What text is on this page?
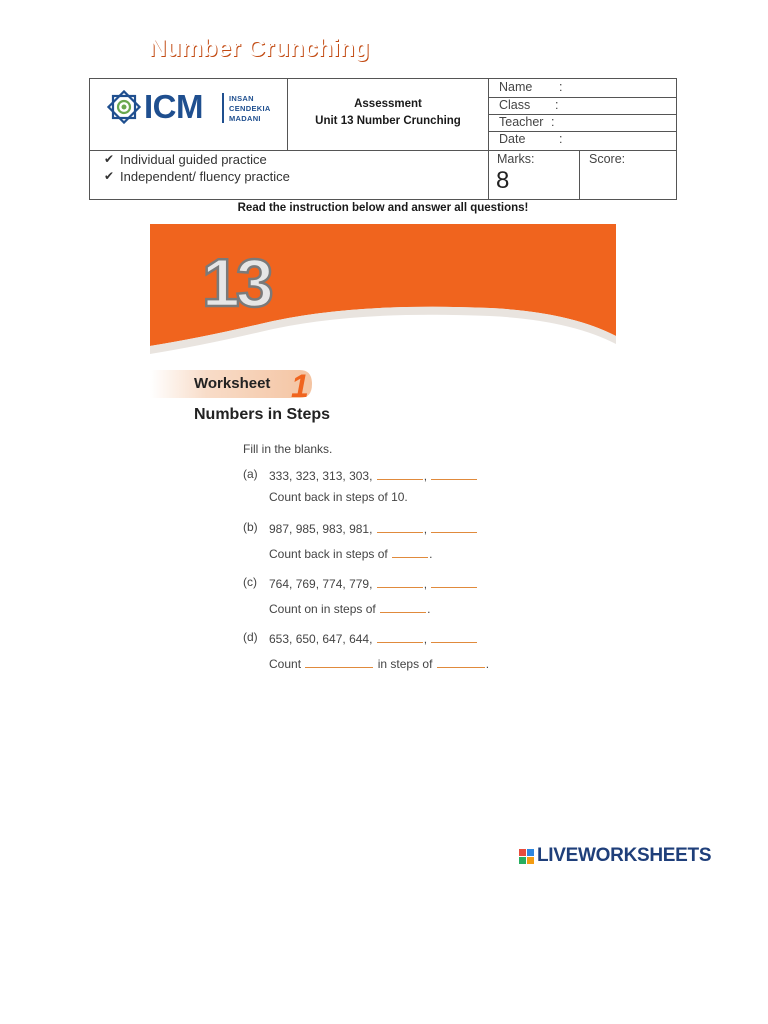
ICM	INSAN
CENDEKIA
MADANI
Assessment
Unit 13 Number Crunching
Name :
Class :
Teacher :
Date	:
✔ Individual guided practice
✔ Independent/ fluency practice
Marks:
8
Score:
Read the instruction below and answer all questions!
13
Number Crunching
1
Worksheet
Numbers in Steps
Fill in the blanks.
(a) 333, 323, 313, 303,	,
Count back in steps of 10.
(b) 987, 985, 983, 981,	,
Count back in steps of	.
(c) 764, 769, 774, 779,	,
Count on in steps of	.
(d) 653, 650, 647, 644,	,
Count	in steps of	.
LIVEWORKSHEETS
